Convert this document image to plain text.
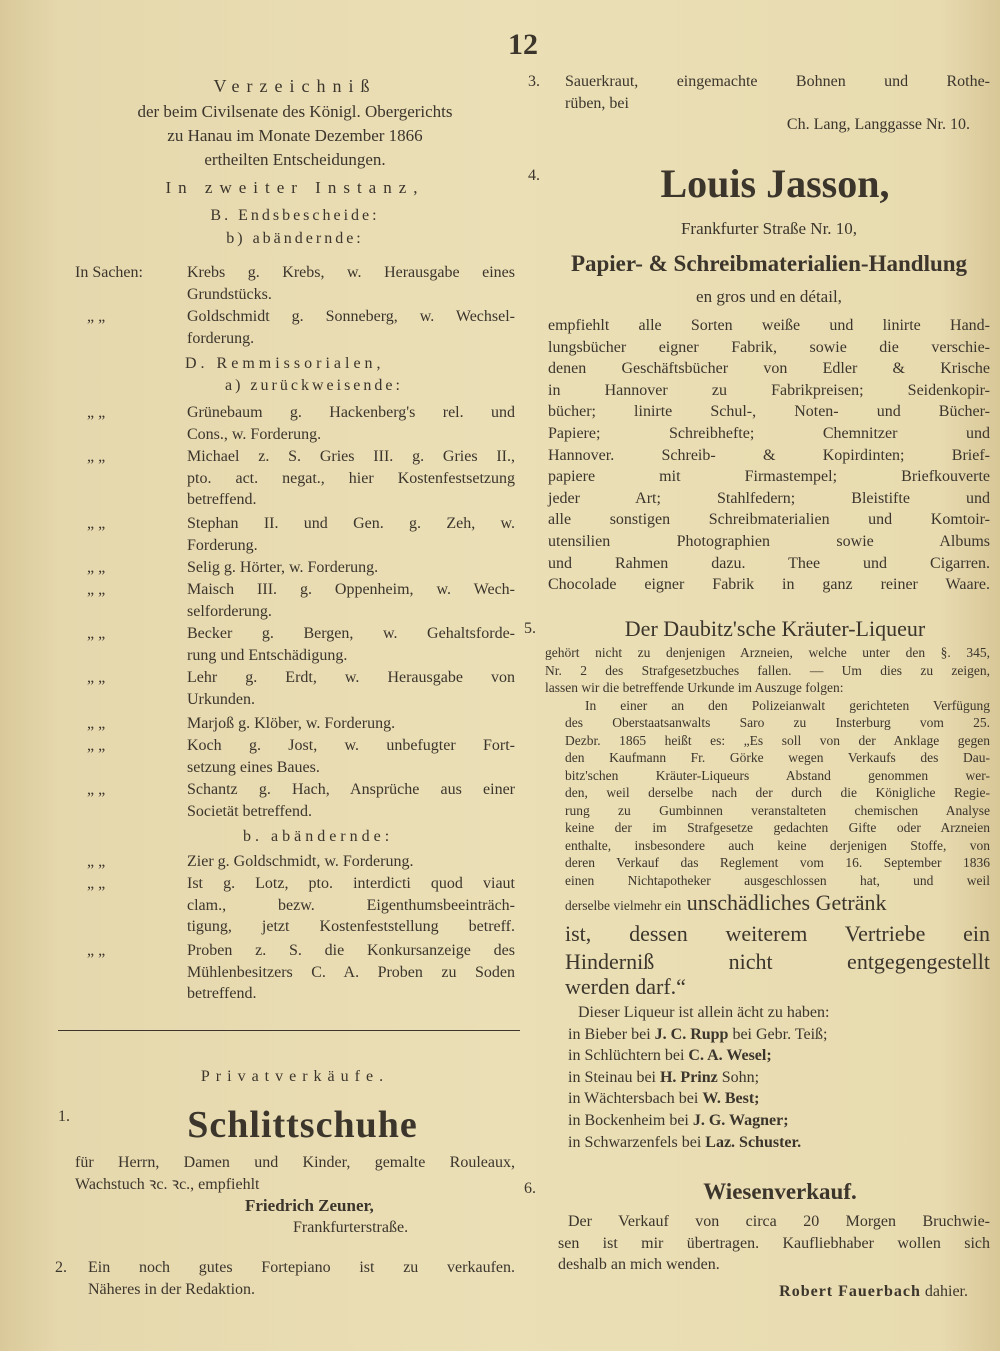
12
Verzeichniß
der beim Civilsenate des Königl. Obergerichts
zu Hanau im Monate Dezember 1866
ertheilten Entscheidungen.
In zweiter Instanz,
B. Endsbescheide:
b) abändernde:
In Sachen:	Krebs g. Krebs, w. Herausgabe eines
Grundstücks.
„ „	Goldschmidt g. Sonneberg, w. Wechsel-
forderung.
D. Remmissorialen,
a) zurückweisende:
„ „	Grünebaum g. Hackenberg's rel. und
Cons., w. Forderung.
„ „	Michael z. S. Gries III. g. Gries II.,
pto. act. negat., hier Kostenfestsetzung
betreffend.
„ „	Stephan II. und Gen. g. Zeh, w.
Forderung.
„ „	Selig g. Hörter, w. Forderung.
„ „	Maisch III. g. Oppenheim, w. Wech-
selforderung.
„ „	Becker g. Bergen, w. Gehaltsforde-
rung und Entschädigung.
„ „	Lehr g. Erdt, w. Herausgabe von
Urkunden.
„ „	Marjoß g. Klöber, w. Forderung.
„ „	Koch g. Jost, w. unbefugter Fort-
setzung eines Baues.
„ „	Schantz g. Hach, Ansprüche aus einer
Societät betreffend.
b. abändernde:
„ „	Zier g. Goldschmidt, w. Forderung.
„ „	Ist g. Lotz, pto. interdicti quod viaut
clam., bezw. Eigenthumsbeeinträch-
tigung, jetzt Kostenfeststellung betreff.
„ „	Proben z. S. die Konkursanzeige des
Mühlenbesitzers C. A. Proben zu Soden
betreffend.
Privatverkäufe.
1.	Schlittschuhe
für Herrn, Damen und Kinder, gemalte Rouleaux,
Wachstuch ꝛc. ꝛc., empfiehlt
Friedrich Zeuner,
Frankfurterstraße.
2. Ein noch gutes Fortepiano ist zu verkaufen.
Näheres in der Redaktion.
3. Sauerkraut, eingemachte Bohnen und Rothe-
rüben, bei
Ch. Lang, Langgasse Nr. 10.
4.	Louis Jasson,
Frankfurter Straße Nr. 10,
Papier- & Schreibmaterialien-Handlung
en gros und en détail,
empfiehlt alle Sorten weiße und linirte Hand-
lungsbücher eigner Fabrik, sowie die verschie-
denen Geschäftsbücher von Edler & Krische
in Hannover zu Fabrikpreisen; Seidenkopir-
bücher; linirte Schul-, Noten- und Bücher-
Papiere; Schreibhefte; Chemnitzer und
Hannover. Schreib- & Kopirdinten; Brief-
papiere mit Firmastempel; Briefkouverte
jeder Art; Stahlfedern; Bleistifte und
alle sonstigen Schreibmaterialien und Komtoir-
utensilien Photographien sowie Albums
und Rahmen dazu. Thee und Cigarren.
Chocolade eigner Fabrik in ganz reiner Waare.
5.	Der Daubitz'sche Kräuter-Liqueur
gehört nicht zu denjenigen Arzneien, welche unter den §. 345,
Nr. 2 des Strafgesetzbuches fallen. — Um dies zu zeigen,
lassen wir die betreffende Urkunde im Auszuge folgen:
In einer an den Polizeianwalt gerichteten Verfügung
des Oberstaatsanwalts Saro zu Insterburg vom 25.
Dezbr. 1865 heißt es: „Es soll von der Anklage gegen
den Kaufmann Fr. Görke wegen Verkaufs des Dau-
bitz'schen Kräuter-Liqueurs Abstand genommen wer-
den, weil derselbe nach der durch die Königliche Regie-
rung zu Gumbinnen veranstalteten chemischen Analyse
keine der im Strafgesetze gedachten Gifte oder Arzneien
enthalte, insbesondere auch keine derjenigen Stoffe, von
deren Verkauf das Reglement vom 16. September 1836
einen Nichtapotheker ausgeschlossen hat, und weil
derselbe vielmehr ein unschädliches Getränk
ist, dessen weiterem Vertriebe ein
Hinderniß nicht entgegengestellt
werden darf.“
Dieser Liqueur ist allein ächt zu haben:
in Bieber bei J. C. Rupp bei Gebr. Teiß;
in Schlüchtern bei C. A. Wesel;
in Steinau bei H. Prinz Sohn;
in Wächtersbach bei W. Best;
in Bockenheim bei J. G. Wagner;
in Schwarzenfels bei Laz. Schuster.
6.	Wiesenverkauf.
Der Verkauf von circa 20 Morgen Bruchwie-
sen ist mir übertragen. Kaufliebhaber wollen sich
deshalb an mich wenden.
Robert Fauerbach dahier.
